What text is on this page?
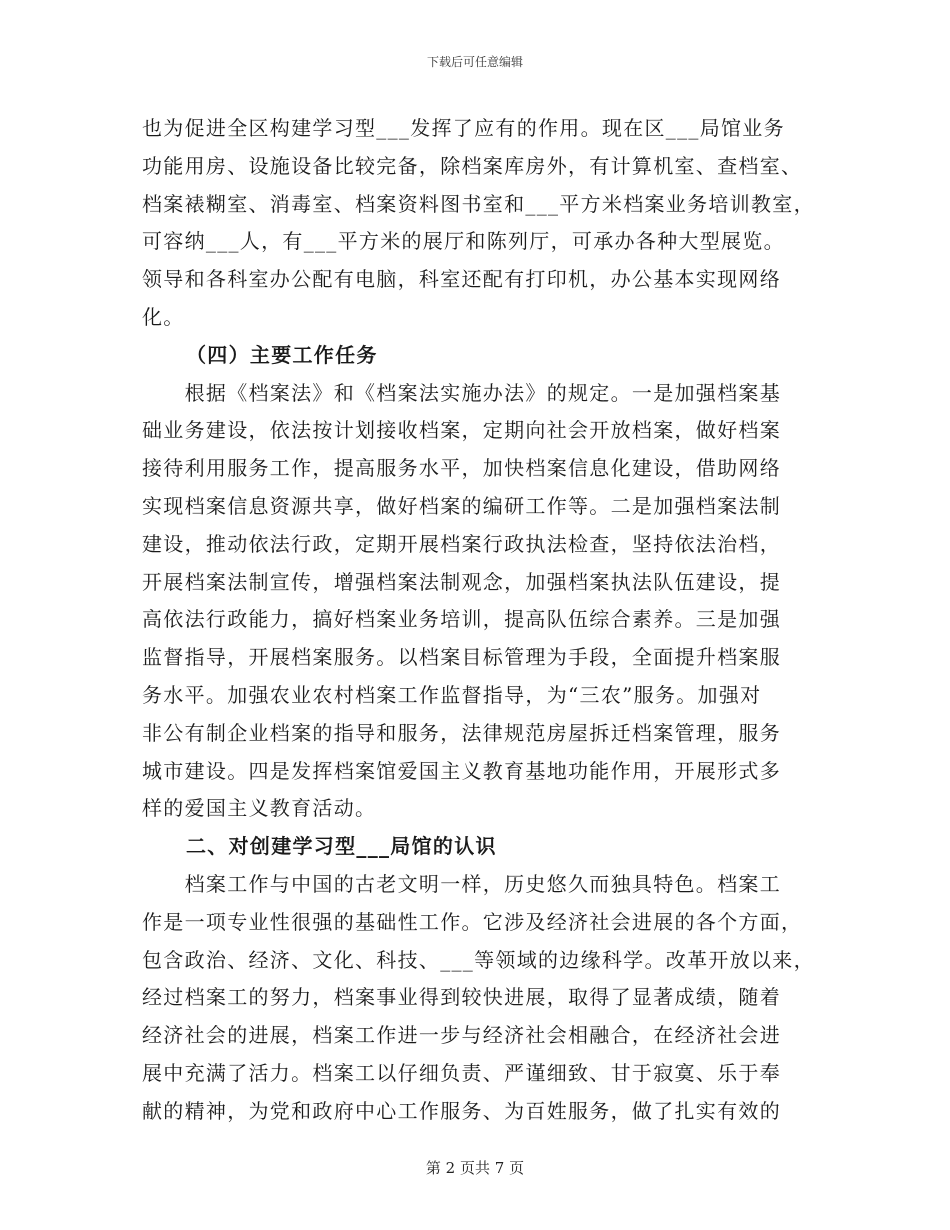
下载后可任意编辑
也为促进全区构建学习型___发挥了应有的作用。现在区___局馆业务
功能用房、设施设备比较完备，除档案库房外，有计算机室、查档室、
档案裱糊室、消毒室、档案资料图书室和___平方米档案业务培训教室，
可容纳___人，有___平方米的展厅和陈列厅，可承办各种大型展览。
领导和各科室办公配有电脑，科室还配有打印机，办公基本实现网络
化。
（四）主要工作任务
　　根据《档案法》和《档案法实施办法》的规定。一是加强档案基
础业务建设，依法按计划接收档案，定期向社会开放档案，做好档案
接待利用服务工作，提高服务水平，加快档案信息化建设，借助网络
实现档案信息资源共享，做好档案的编研工作等。二是加强档案法制
建设，推动依法行政，定期开展档案行政执法检查，坚持依法治档，
开展档案法制宣传，增强档案法制观念，加强档案执法队伍建设，提
高依法行政能力，搞好档案业务培训，提高队伍综合素养。三是加强
监督指导，开展档案服务。以档案目标管理为手段，全面提升档案服
务水平。加强农业农村档案工作监督指导，为“三农”服务。加强对
非公有制企业档案的指导和服务，法律规范房屋拆迁档案管理，服务
城市建设。四是发挥档案馆爱国主义教育基地功能作用，开展形式多
样的爱国主义教育活动。
二、对创建学习型___局馆的认识
　　档案工作与中国的古老文明一样，历史悠久而独具特色。档案工
作是一项专业性很强的基础性工作。它涉及经济社会进展的各个方面，
包含政治、经济、文化、科技、___等领域的边缘科学。改革开放以来，
经过档案工的努力，档案事业得到较快进展，取得了显著成绩，随着
经济社会的进展，档案工作进一步与经济社会相融合，在经济社会进
展中充满了活力。档案工以仔细负责、严谨细致、甘于寂寞、乐于奉
献的精神，为党和政府中心工作服务、为百姓服务，做了扎实有效的
第 2 页共 7 页
